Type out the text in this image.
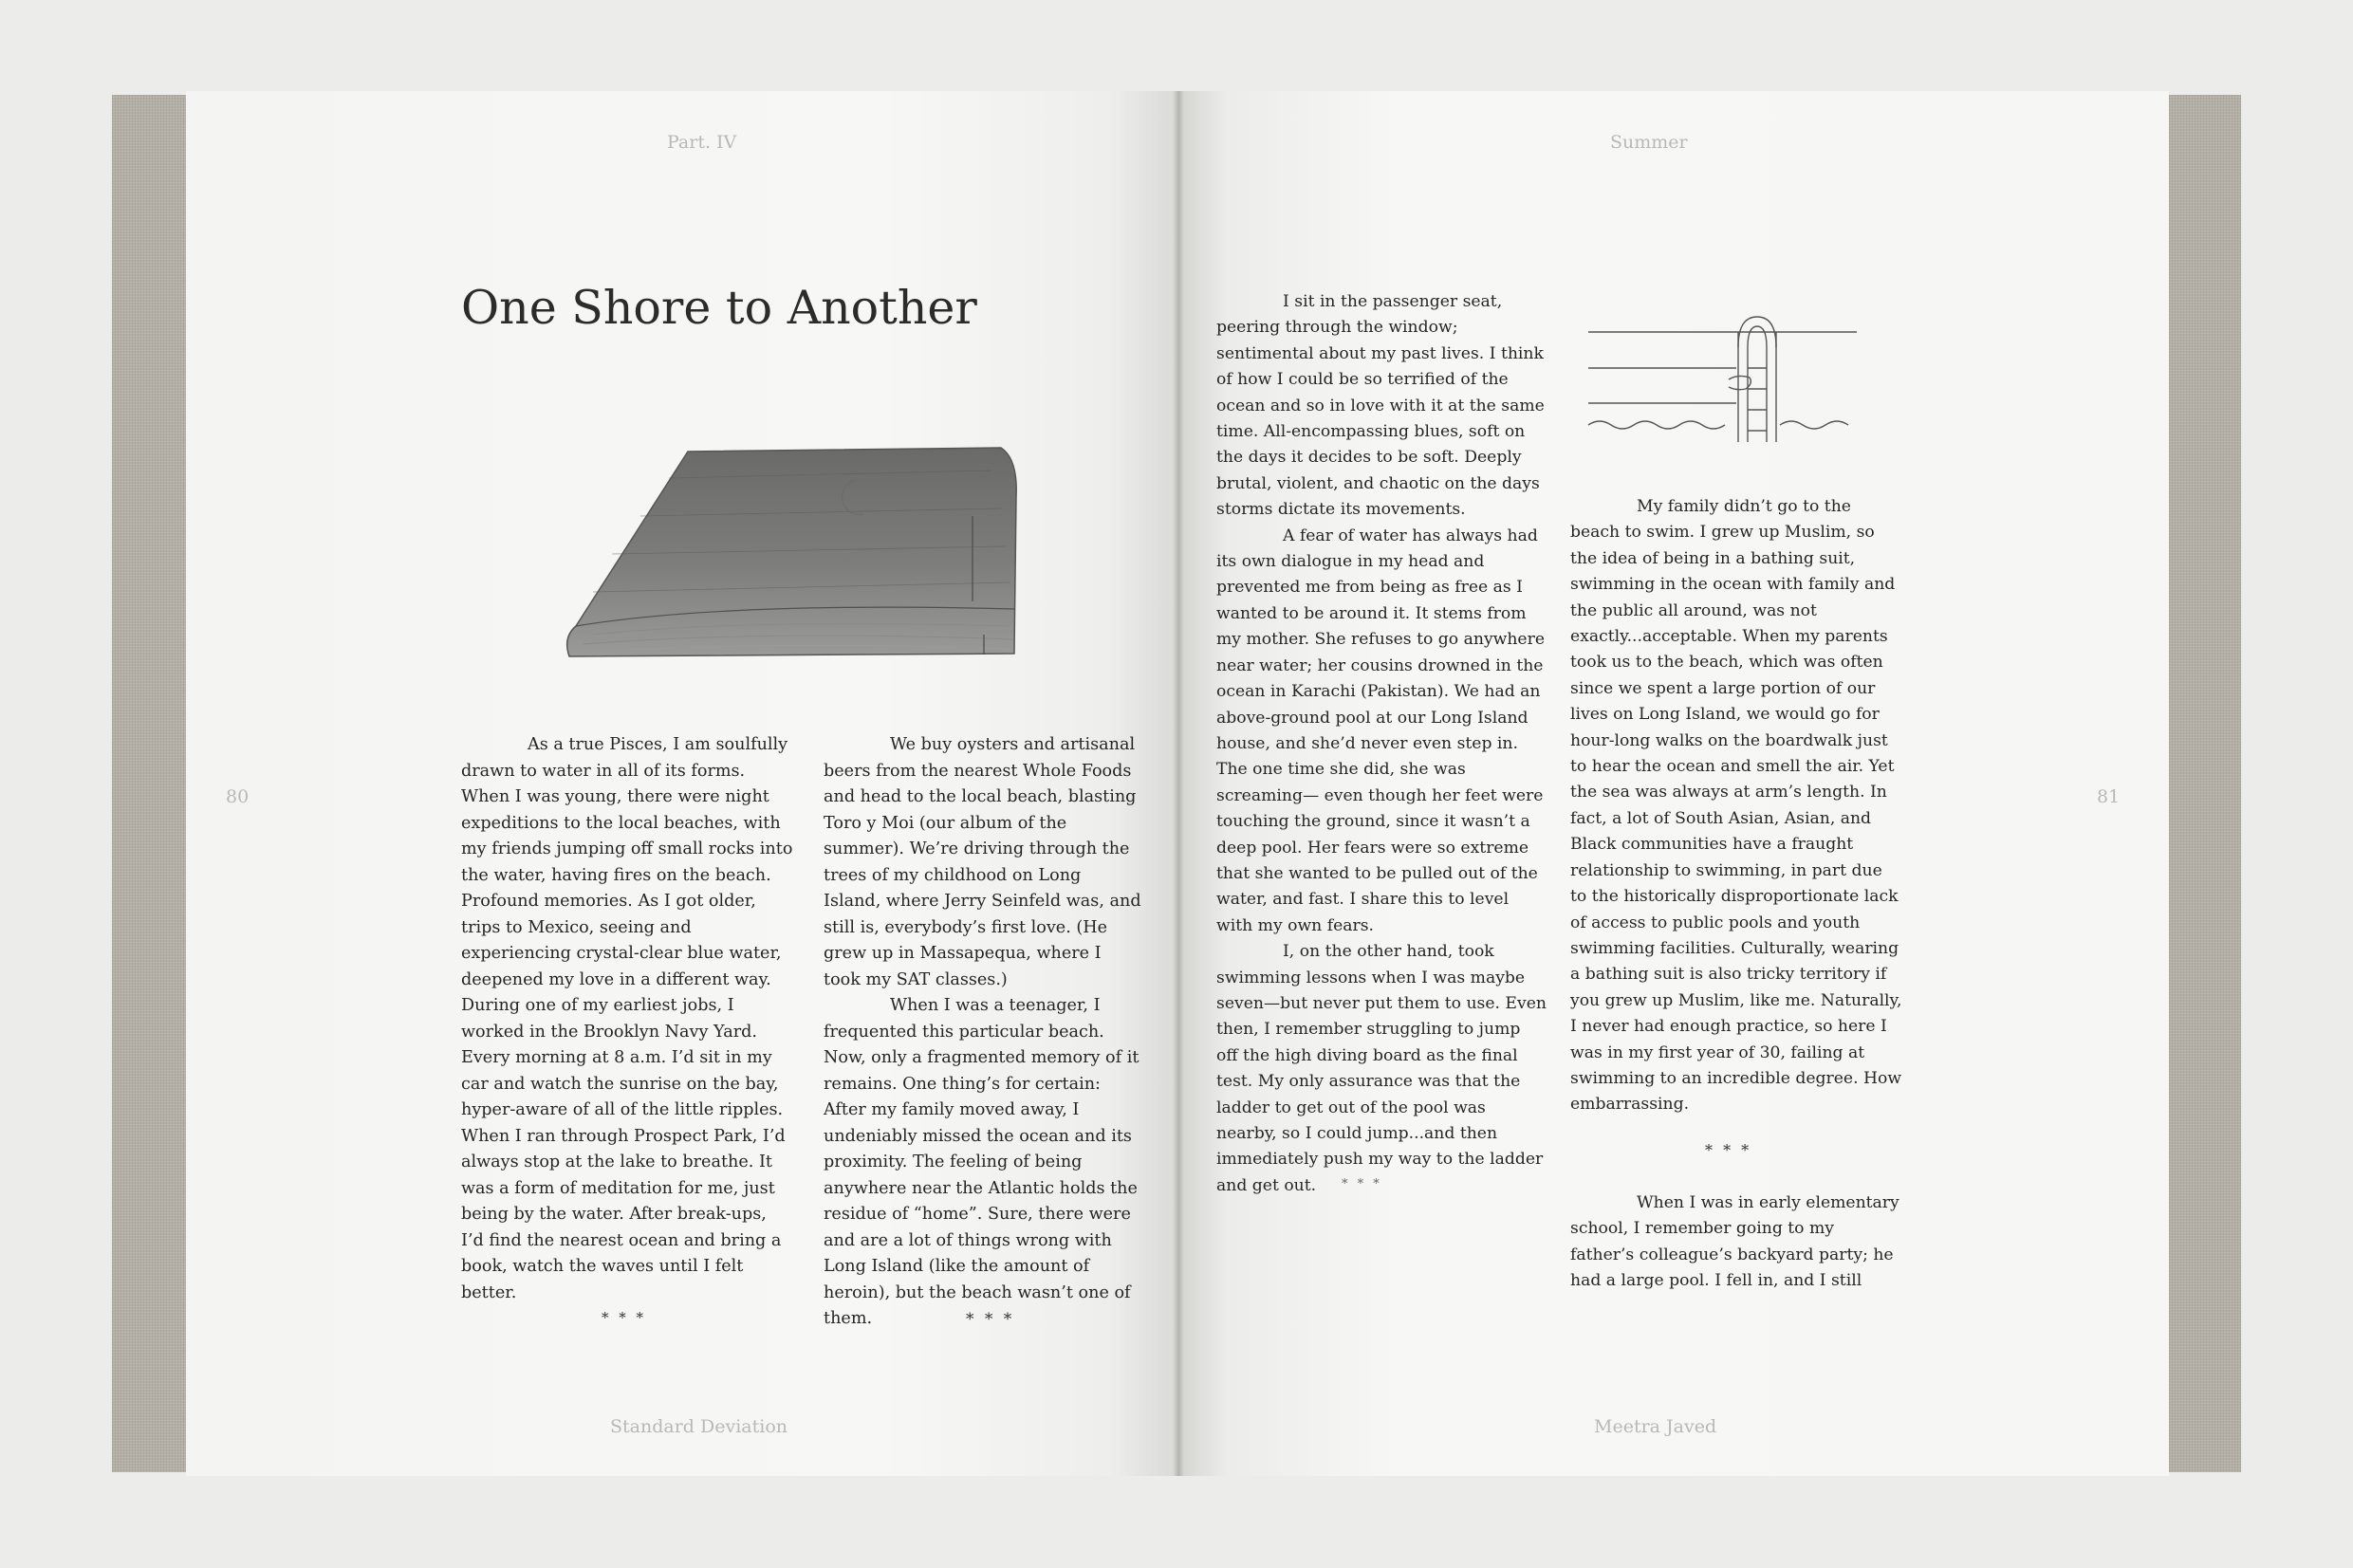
Part. IV
80
Standard Deviation
One Shore to Another

As a true Pisces, I am soulfully drawn to water in all of its forms. When I was young, there were night expeditions to the local beaches, with my friends jumping off small rocks into the water, having fires on the beach. Profound memories. As I got older, trips to Mexico, seeing and experiencing crystal-clear blue water, deepened my love in a different way. During one of my earliest jobs, I worked in the Brooklyn Navy Yard. Every morning at 8 a.m. I’d sit in my car and watch the sunrise on the bay, hyper-aware of all of the little ripples. When I ran through Prospect Park, I’d always stop at the lake to breathe. It was a form of meditation for me, just being by the water. After break-ups, I’d find the nearest ocean and bring a book, watch the waves until I felt better.

* * *

We buy oysters and artisanal beers from the nearest Whole Foods and head to the local beach, blasting Toro y Moi (our album of the summer). We’re driving through the trees of my childhood on Long Island, where Jerry Seinfeld was, and still is, everybody’s first love. (He grew up in Massapequa, where I took my SAT classes.)

When I was a teenager, I frequented this particular beach. Now, only a fragmented memory of it remains. One thing’s for certain: After my family moved away, I undeniably missed the ocean and its proximity. The feeling of being anywhere near the Atlantic holds the residue of “home”. Sure, there were and are a lot of things wrong with Long Island (like the amount of heroin), but the beach wasn’t one of them.	* * *
Summer
81
Meetra Javed

I sit in the passenger seat, peering through the window; sentimental about my past lives. I think of how I could be so terrified of the ocean and so in love with it at the same time. All-encompassing blues, soft on the days it decides to be soft. Deeply brutal, violent, and chaotic on the days storms dictate its movements.

A fear of water has always had its own dialogue in my head and prevented me from being as free as I wanted to be around it. It stems from my mother. She refuses to go anywhere near water; her cousins drowned in the ocean in Karachi (Pakistan). We had an above-ground pool at our Long Island house, and she’d never even step in. The one time she did, she was screaming— even though her feet were touching the ground, since it wasn’t a deep pool. Her fears were so extreme that she wanted to be pulled out of the water, and fast. I share this to level with my own fears.

I, on the other hand, took swimming lessons when I was maybe seven—but never put them to use. Even then, I remember struggling to jump off the high diving board as the final test. My only assurance was that the ladder to get out of the pool was nearby, so I could jump...and then immediately push my way to the ladder and get out.	* * *

My family didn’t go to the beach to swim. I grew up Muslim, so the idea of being in a bathing suit, swimming in the ocean with family and the public all around, was not exactly...acceptable. When my parents took us to the beach, which was often since we spent a large portion of our lives on Long Island, we would go for hour-long walks on the boardwalk just to hear the ocean and smell the air. Yet the sea was always at arm’s length. In fact, a lot of South Asian, Asian, and Black communities have a fraught relationship to swimming, in part due to the historically disproportionate lack of access to public pools and youth swimming facilities. Culturally, wearing a bathing suit is also tricky territory if you grew up Muslim, like me. Naturally, I never had enough practice, so here I was in my first year of 30, failing at swimming to an incredible degree. How embarrassing.

* * *

When I was in early elementary school, I remember going to my father’s colleague’s backyard party; he had a large pool. I fell in, and I still
